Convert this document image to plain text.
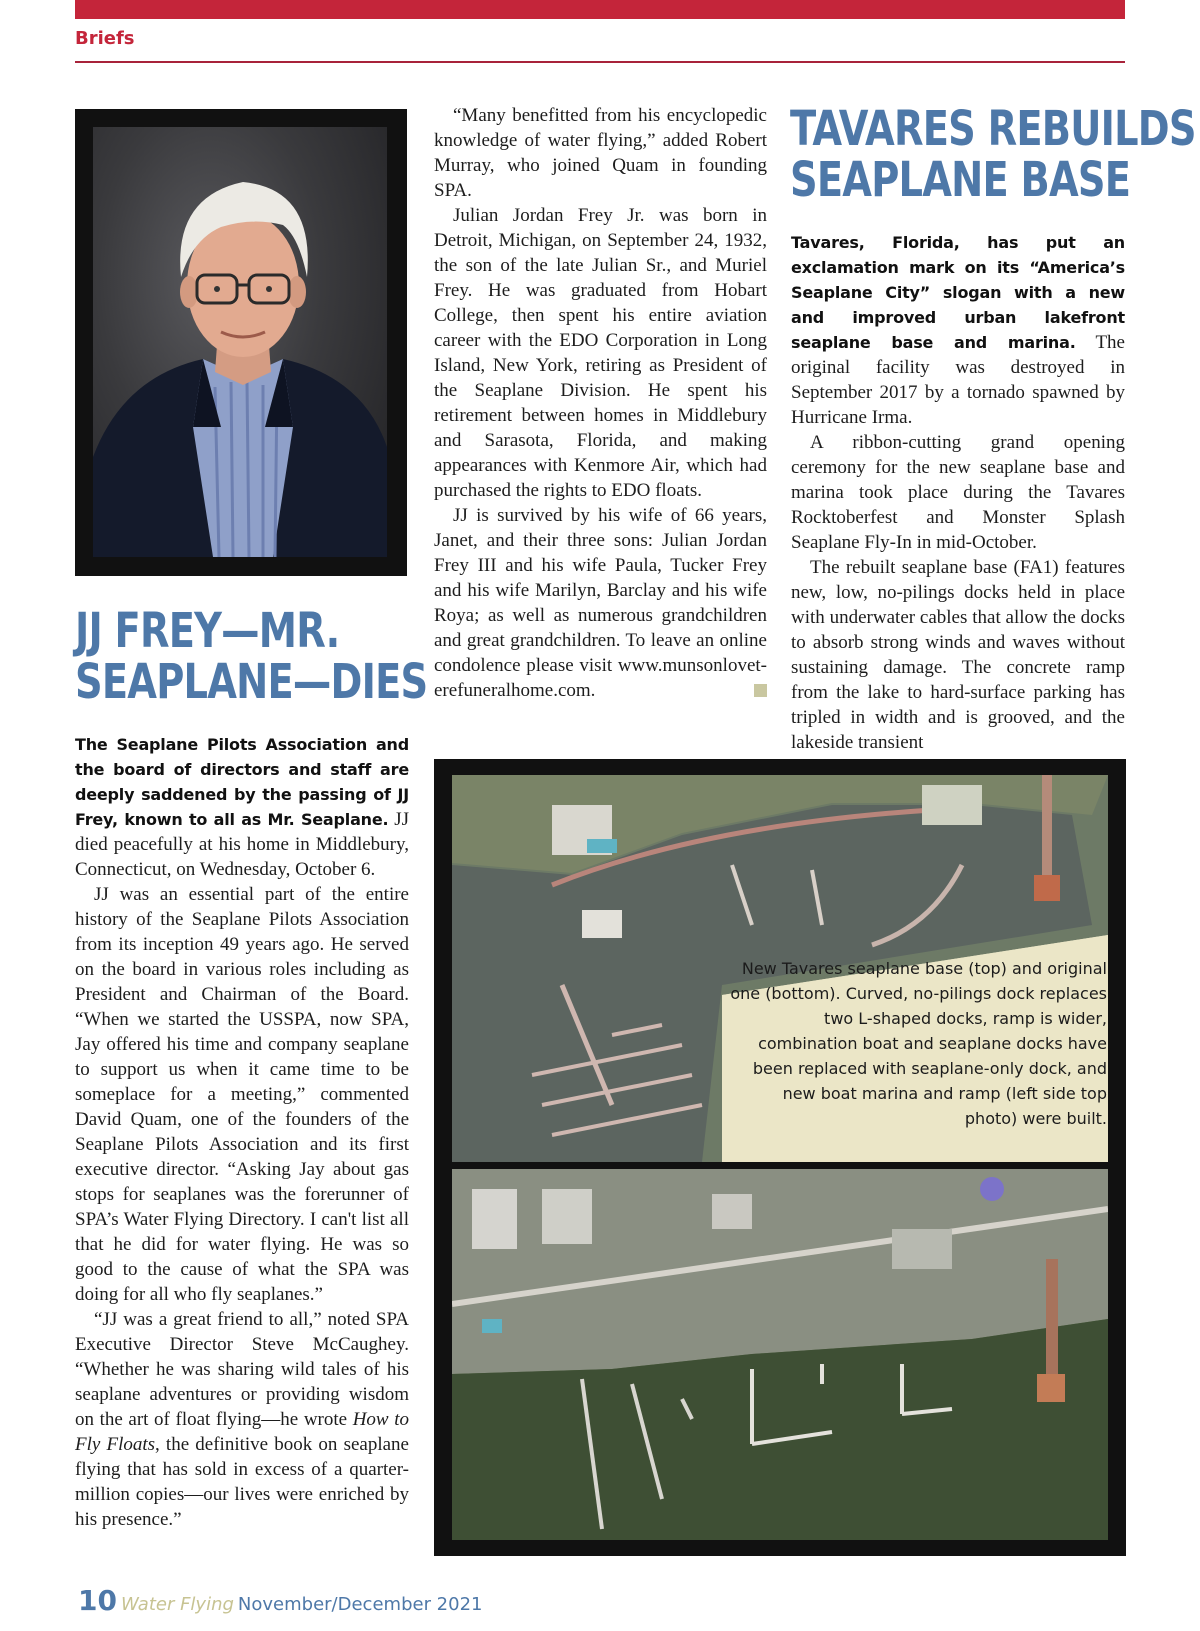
Briefs
JJ FREY—MR.
SEAPLANE—DIES

The Seaplane Pilots Association and the board of directors and staff are deeply saddened by the passing of JJ Frey, known to all as Mr. Seaplane. JJ died peacefully at his home in Middlebury, Connecticut, on Wednesday, October 6.

JJ was an essential part of the entire history of the Seaplane Pilots Association from its inception 49 years ago. He served on the board in various roles including as President and Chairman of the Board. “When we started the USSPA, now SPA, Jay offered his time and company seaplane to support us when it came time to be someplace for a meeting,” commented David Quam, one of the founders of the Seaplane Pilots Association and its first executive director. “Asking Jay about gas stops for seaplanes was the forerunner of SPA’s Water Flying Directory. I can't list all that he did for water flying. He was so good to the cause of what the SPA was doing for all who fly seaplanes.”

“JJ was a great friend to all,” noted SPA Executive Director Steve McCaughey. “Whether he was sharing wild tales of his seaplane adventures or providing wisdom on the art of float flying—he wrote How to Fly Floats, the definitive book on seaplane flying that has sold in excess of a quarter-million copies—our lives were enriched by his presence.”

“Many benefitted from his encyclopedic knowledge of water flying,” added Robert Murray, who joined Quam in founding SPA.

Julian Jordan Frey Jr. was born in Detroit, Michigan, on September 24, 1932, the son of the late Julian Sr., and Muriel Frey. He was graduated from Hobart College, then spent his entire aviation career with the EDO Corporation in Long Island, New York, retiring as President of the Seaplane Division. He spent his retirement between homes in Middlebury and Sarasota, Florida, and making appearances with Kenmore Air, which had purchased the rights to EDO floats.

JJ is survived by his wife of 66 years, Janet, and their three sons: Julian Jordan Frey III and his wife Paula, Tucker Frey and his wife Marilyn, Barclay and his wife Roya; as well as numerous grandchildren and great grandchildren. To leave an online condolence please visit www.munsonlovet-erefuneralhome.com.

TAVARES REBUILDS
SEAPLANE BASE

Tavares, Florida, has put an exclamation mark on its “America’s Seaplane City” slogan with a new and improved urban lakefront seaplane base and marina. The original facility was destroyed in September 2017 by a tornado spawned by Hurricane Irma.

A ribbon-cutting grand opening ceremony for the new seaplane base and marina took place during the Tavares Rocktoberfest and Monster Splash Seaplane Fly-In in mid-October.

The rebuilt seaplane base (FA1) features new, low, no-pilings docks held in place with underwater cables that allow the docks to absorb strong winds and waves without sustaining damage. The concrete ramp from the lake to hard-surface parking has tripled in width and is grooved, and the lakeside transient

New Tavares seaplane base (top) and original one (bottom). Curved, no-pilings dock replaces two L-shaped docks, ramp is wider, combination boat and seaplane docks have been replaced with seaplane-only dock, and new boat marina and ramp (left side top photo) were built.
10 Water Flying November/December 2021
